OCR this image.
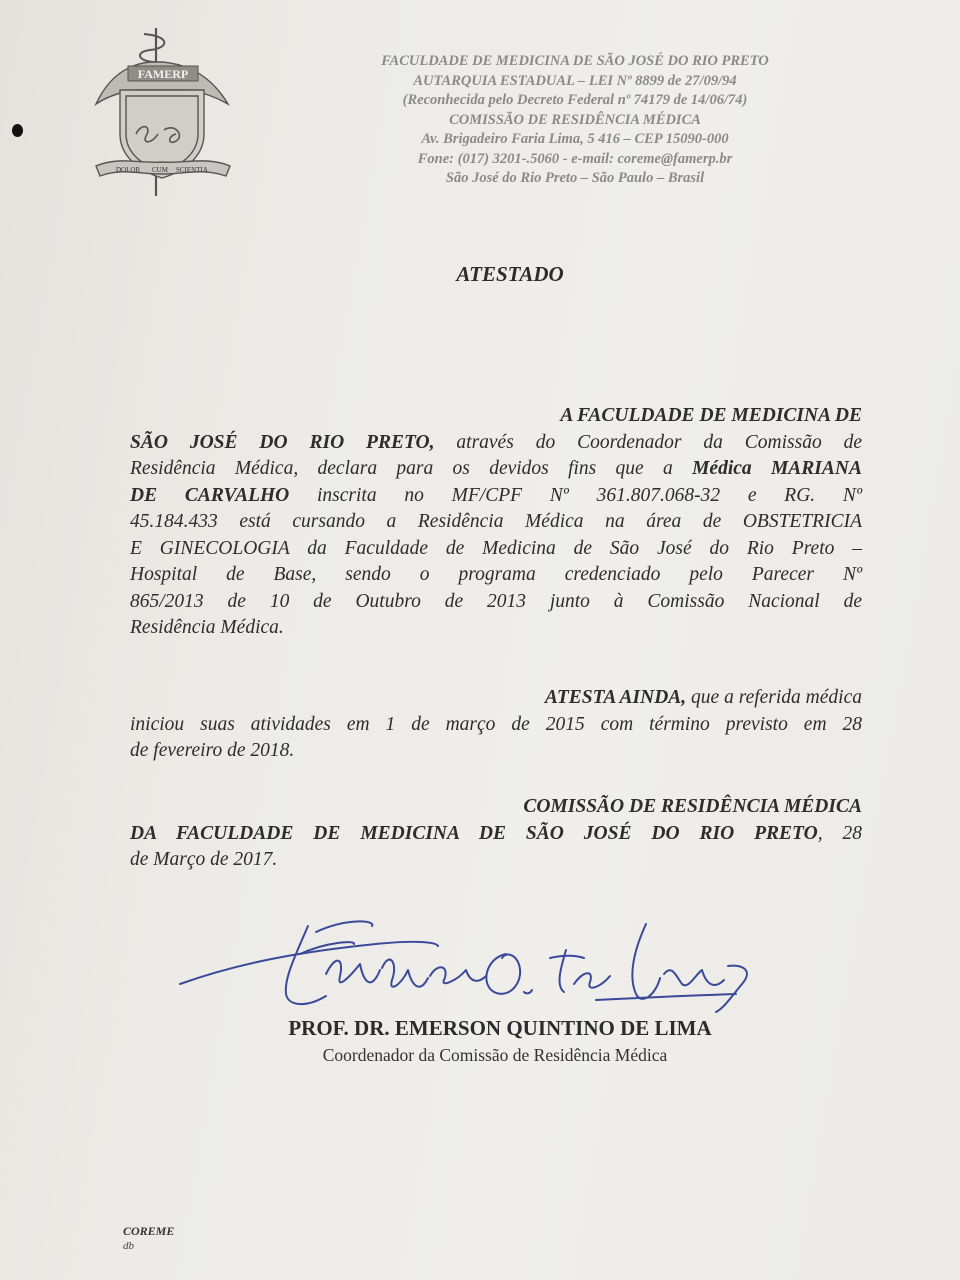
FAMERP
DOLOR CUM SCIENTIA
FACULDADE DE MEDICINA DE SÃO JOSÉ DO RIO PRETO
AUTARQUIA ESTADUAL – LEI Nº 8899 de 27/09/94
(Reconhecida pelo Decreto Federal nº 74179 de 14/06/74)
COMISSÃO DE RESIDÊNCIA MÉDICA
Av. Brigadeiro Faria Lima, 5 416 – CEP 15090-000
Fone: (017) 3201-.5060 - e-mail: coreme@famerp.br
São José do Rio Preto – São Paulo – Brasil
ATESTADO
A FACULDADE DE MEDICINA DE
SÃO JOSÉ DO RIO PRETO, através do Coordenador da Comissão de
Residência Médica, declara para os devidos fins que a Médica MARIANA
DE CARVALHO inscrita no MF/CPF Nº 361.807.068-32 e RG. Nº
45.184.433 está cursando a Residência Médica na área de OBSTETRICIA
E GINECOLOGIA da Faculdade de Medicina de São José do Rio Preto –
Hospital de Base, sendo o programa credenciado pelo Parecer Nº
865/2013 de 10 de Outubro de 2013 junto à Comissão Nacional de
Residência Médica.
ATESTA AINDA, que a referida médica
iniciou suas atividades em 1 de março de 2015 com término previsto em 28
de fevereiro de 2018.
COMISSÃO DE RESIDÊNCIA MÉDICA
DA FACULDADE DE MEDICINA DE SÃO JOSÉ DO RIO PRETO, 28
de Março de 2017.
PROF. DR. EMERSON QUINTINO DE LIMA
Coordenador da Comissão de Residência Médica
COREME
db
